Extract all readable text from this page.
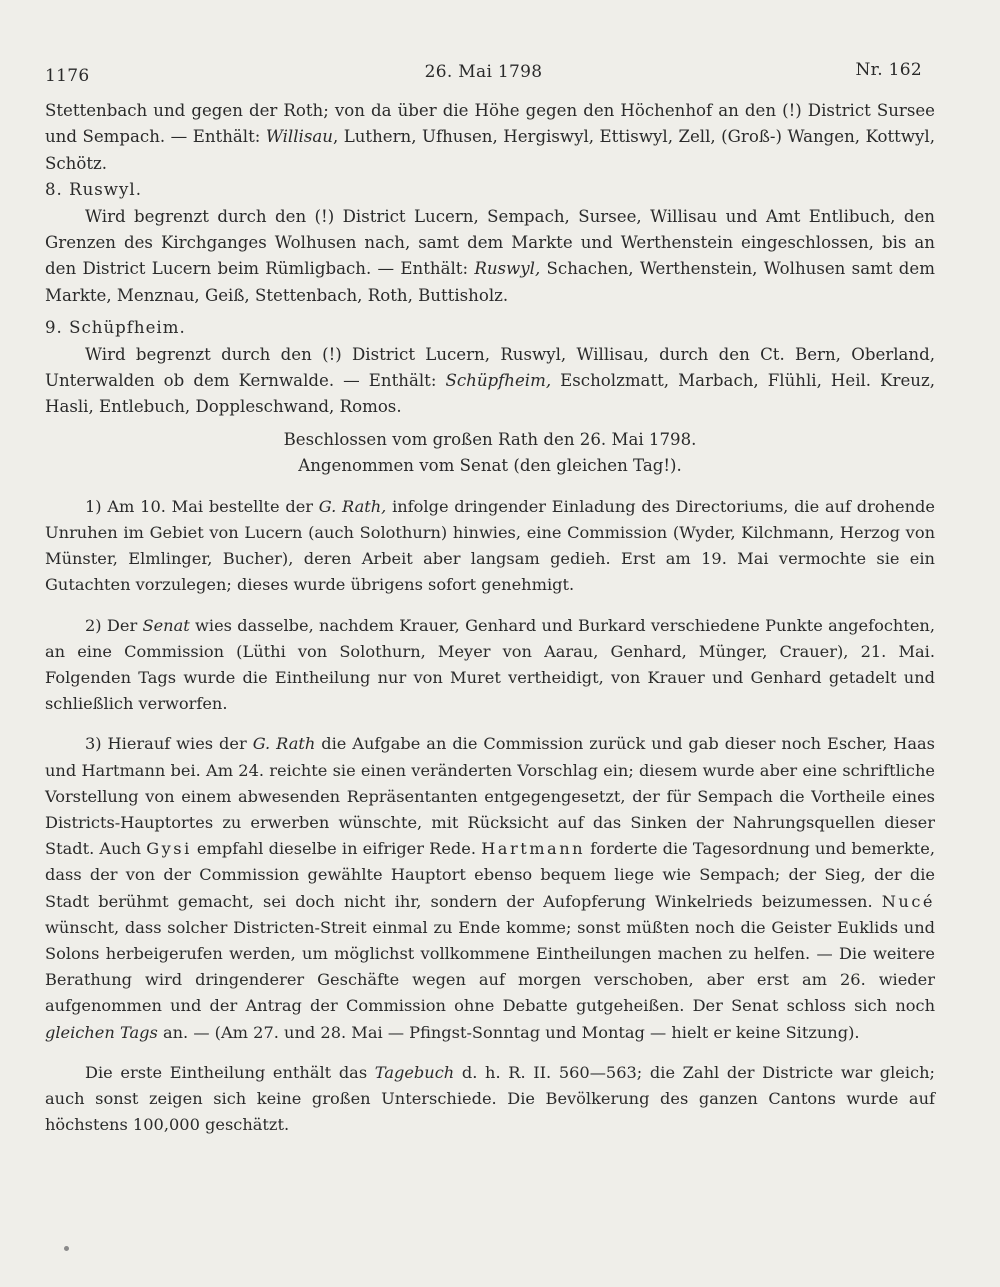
1176	26. Mai 1798	Nr. 162

Stettenbach und gegen der Roth; von da über die Höhe gegen den Höchenhof an den (!) District Sursee und Sempach. — Enthält: Willisau, Luthern, Ufhusen, Hergiswyl, Ettiswyl, Zell, (Groß-) Wangen, Kottwyl, Schötz.

8. Ruswyl.

Wird begrenzt durch den (!) District Lucern, Sempach, Sursee, Willisau und Amt Entlibuch, den Grenzen des Kirchganges Wolhusen nach, samt dem Markte und Werthenstein eingeschlossen, bis an den District Lucern beim Rümligbach. — Enthält: Ruswyl, Schachen, Werthenstein, Wolhusen samt dem Markte, Menznau, Geiß, Stettenbach, Roth, Buttisholz.

9. Schüpfheim.

Wird begrenzt durch den (!) District Lucern, Ruswyl, Willisau, durch den Ct. Bern, Oberland, Unterwalden ob dem Kernwalde. — Enthält: Schüpfheim, Escholzmatt, Marbach, Flühli, Heil. Kreuz, Hasli, Entlebuch, Doppleschwand, Romos.

Beschlossen vom großen Rath den 26. Mai 1798.

Angenommen vom Senat (den gleichen Tag!).

1) Am 10. Mai bestellte der G. Rath, infolge dringender Einladung des Directoriums, die auf drohende Unruhen im Gebiet von Lucern (auch Solothurn) hinwies, eine Commission (Wyder, Kilchmann, Herzog von Münster, Elmlinger, Bucher), deren Arbeit aber langsam gedieh. Erst am 19. Mai vermochte sie ein Gutachten vorzulegen; dieses wurde übrigens sofort genehmigt.

2) Der Senat wies dasselbe, nachdem Krauer, Genhard und Burkard verschiedene Punkte angefochten, an eine Commission (Lüthi von Solothurn, Meyer von Aarau, Genhard, Münger, Crauer), 21. Mai. Folgenden Tags wurde die Eintheilung nur von Muret vertheidigt, von Krauer und Genhard getadelt und schließlich verworfen.

3) Hierauf wies der G. Rath die Aufgabe an die Commission zurück und gab dieser noch Escher, Haas und Hartmann bei. Am 24. reichte sie einen veränderten Vorschlag ein; diesem wurde aber eine schriftliche Vorstellung von einem abwesenden Repräsentanten entgegengesetzt, der für Sempach die Vortheile eines Districts-Hauptortes zu erwerben wünschte, mit Rücksicht auf das Sinken der Nahrungsquellen dieser Stadt. Auch Gysi empfahl dieselbe in eifriger Rede. Hartmann forderte die Tagesordnung und bemerkte, dass der von der Commission gewählte Hauptort ebenso bequem liege wie Sempach; der Sieg, der die Stadt berühmt gemacht, sei doch nicht ihr, sondern der Aufopferung Winkelrieds beizumessen. Nucé wünscht, dass solcher Districten-Streit einmal zu Ende komme; sonst müßten noch die Geister Euklids und Solons herbeigerufen werden, um möglichst vollkommene Eintheilungen machen zu helfen. — Die weitere Berathung wird dringenderer Geschäfte wegen auf morgen verschoben, aber erst am 26. wieder aufgenommen und der Antrag der Commission ohne Debatte gutgeheißen. Der Senat schloss sich noch gleichen Tags an. — (Am 27. und 28. Mai — Pfingst-Sonntag und Montag — hielt er keine Sitzung).

Die erste Eintheilung enthält das Tagebuch d. h. R. II. 560—563; die Zahl der Districte war gleich; auch sonst zeigen sich keine großen Unterschiede. Die Bevölkerung des ganzen Cantons wurde auf höchstens 100,000 geschätzt.
